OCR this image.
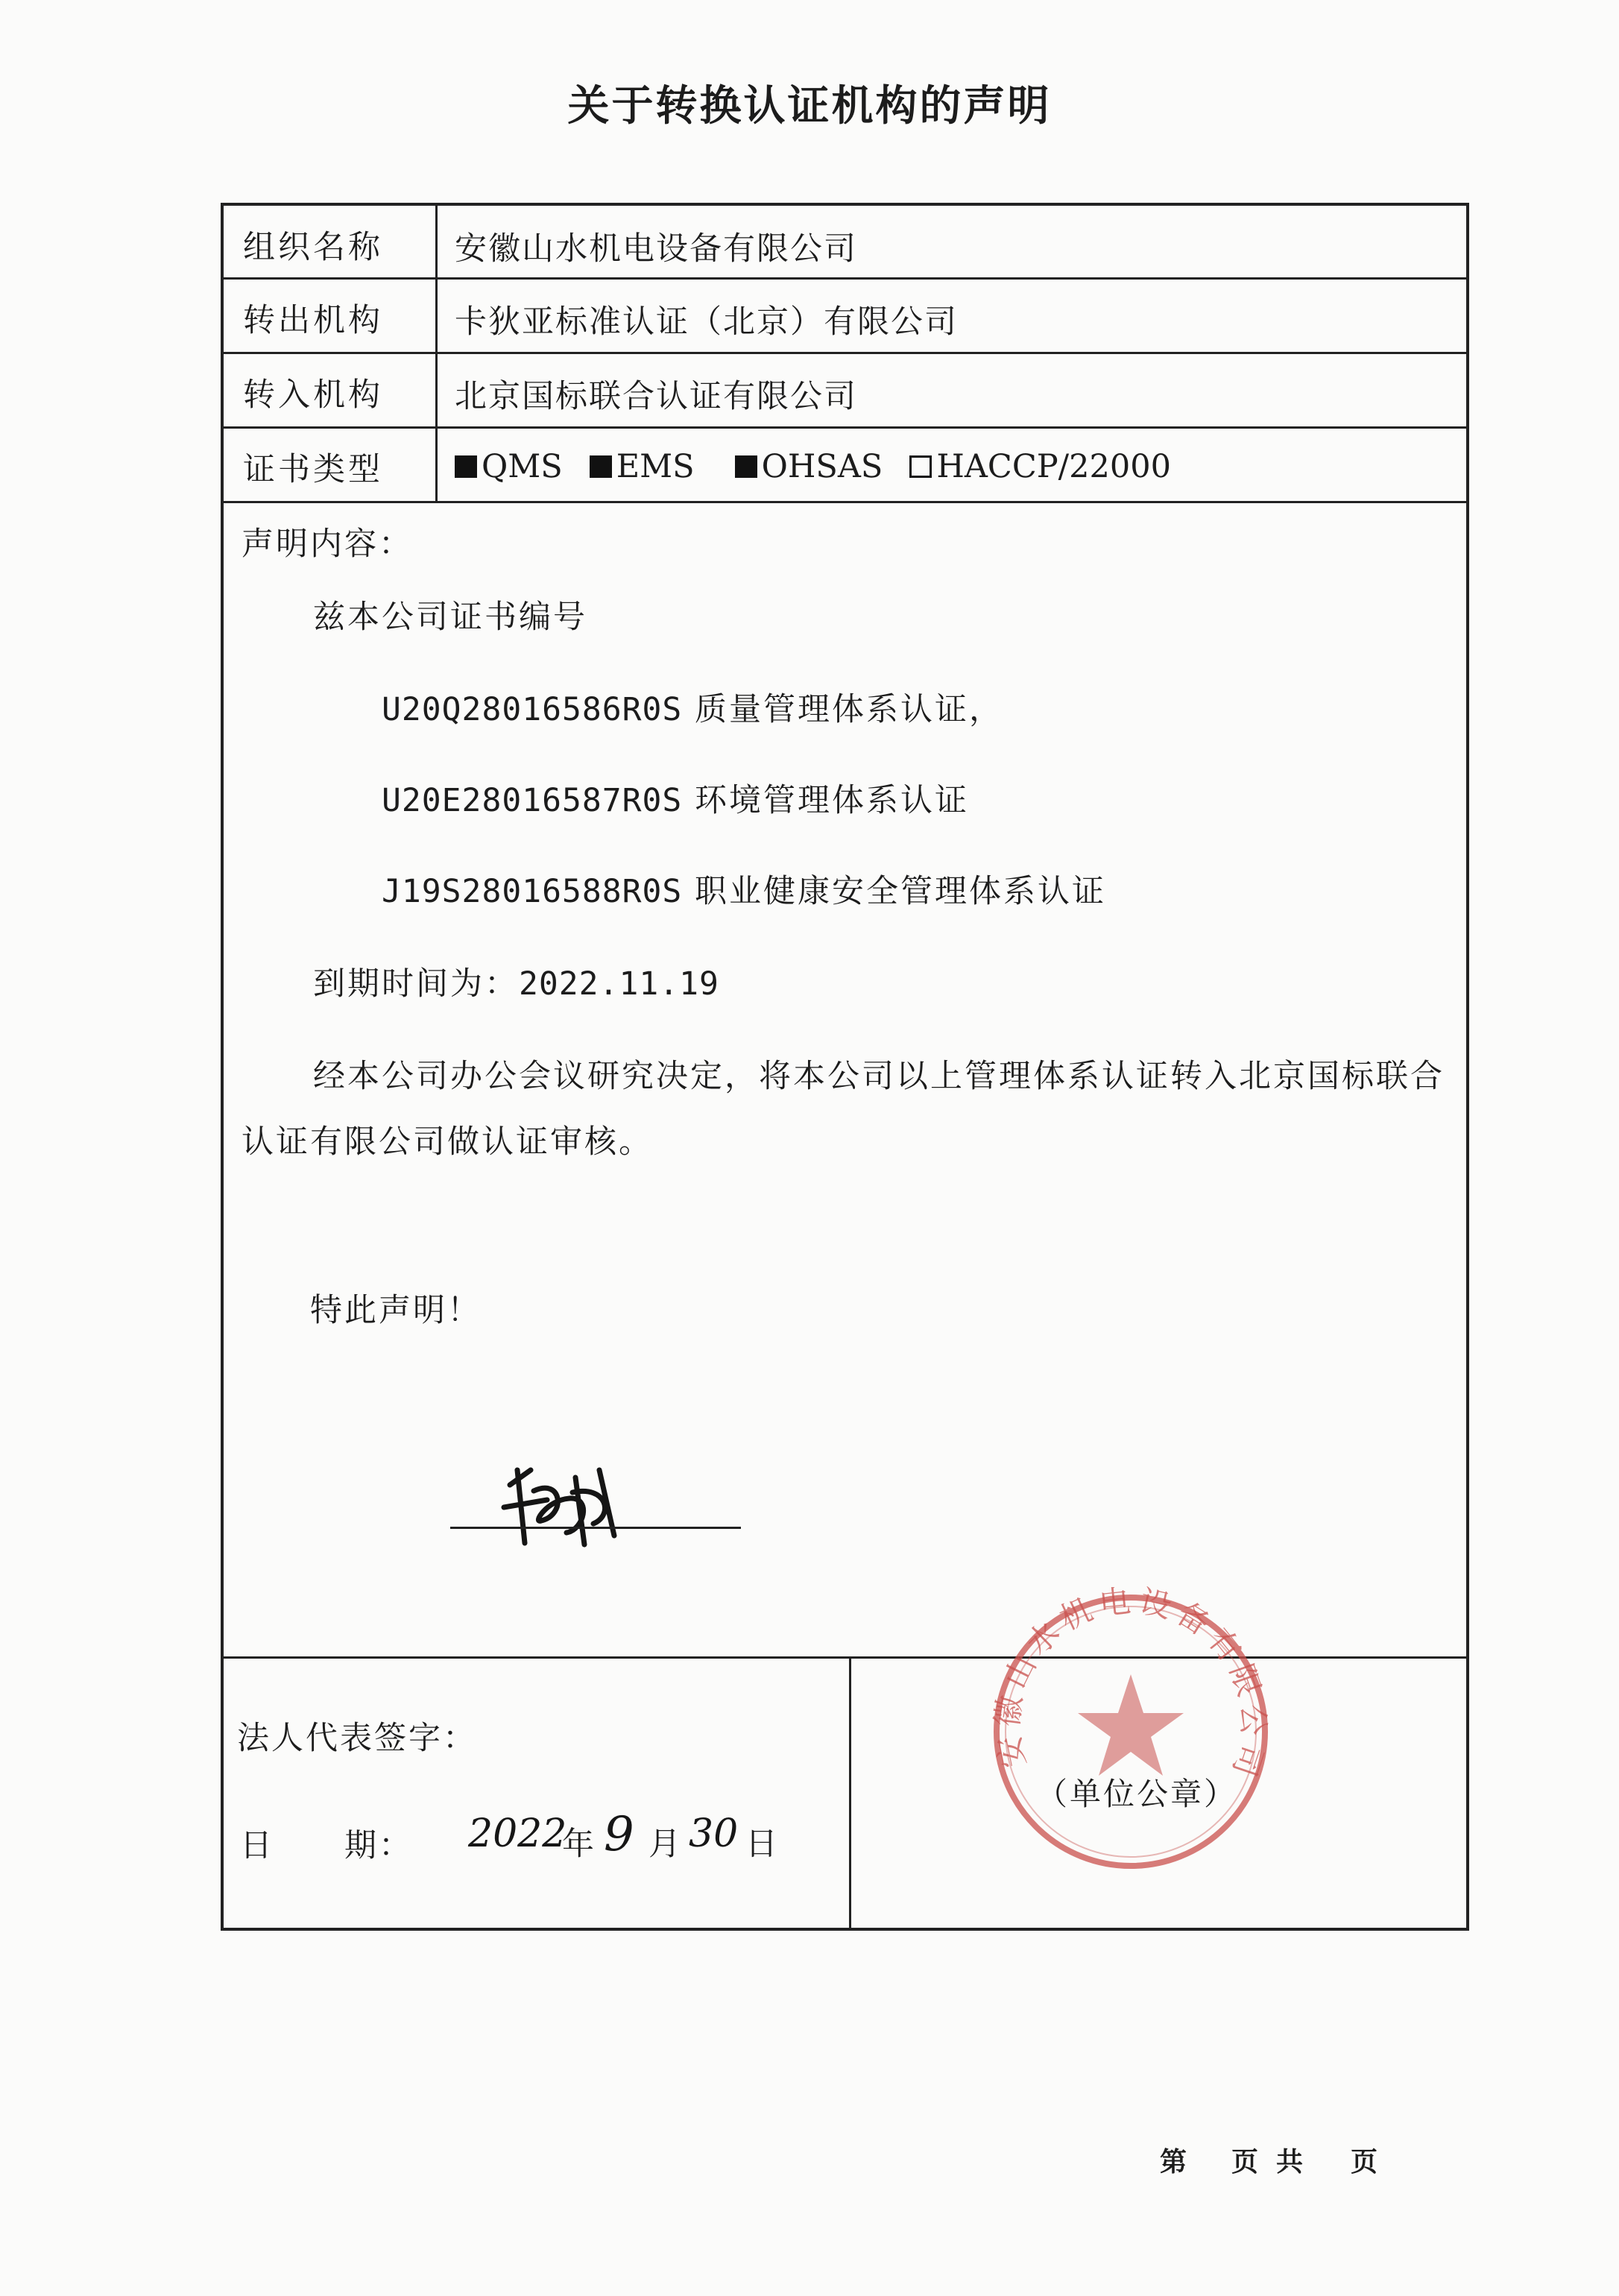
关于转换认证机构的声明
组织名称 安徽山水机电设备有限公司
转出机构 卡狄亚标准认证（北京）有限公司
转入机构 北京国标联合认证有限公司
证书类型	QMS EMS OHSAS HACCP/22000
声明内容：
兹本公司证书编号
U20Q28016586R0S 质量管理体系认证，
U20E28016587R0S 环境管理体系认证
J19S28016588R0S 职业健康安全管理体系认证
到期时间为：2022.11.19
经本公司办公会议研究决定，将本公司以上管理体系认证转入北京国标联合
认证有限公司做认证审核。
特此声明！
法人代表签字：
日 期： 2022
年 9 月 30 日
安徽山水机电设备有限公司
（单位公章）
第 页 共 页
